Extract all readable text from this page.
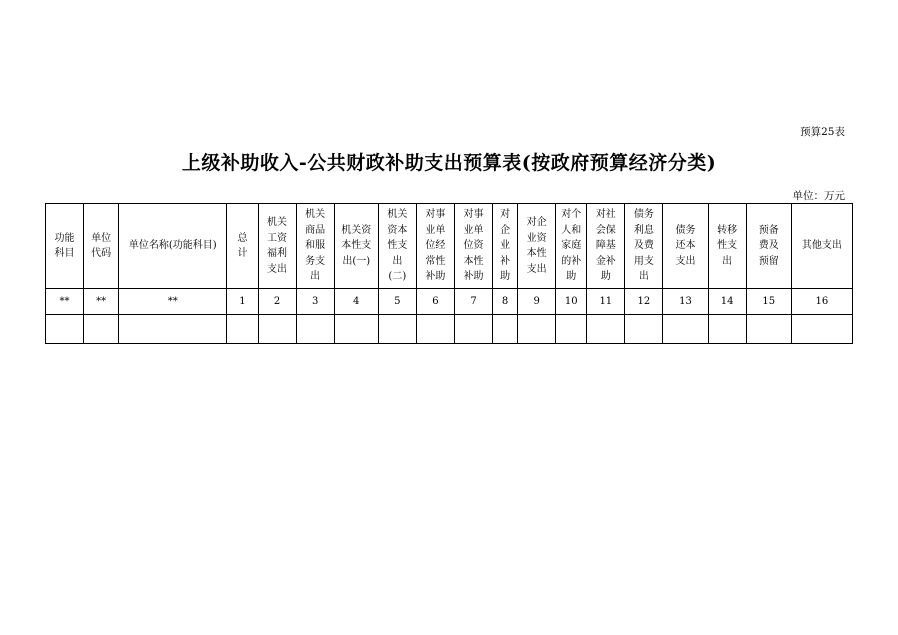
预算25表
上级补助收入-公共财政补助支出预算表(按政府预算经济分类)
单位：万元
功能科目	单位代码	单位名称(功能科目)	总计	机关工资福利支出	机关商品和服务支出	机关资本性支出(一)	机关资本性支出(二)	对事业单位经常性补助	对事业单位资本性补助	对企业补助	对企业资本性支出	对个人和家庭的补助	对社会保障基金补助	债务利息及费用支出	债务还本支出	转移性支出	预备费及预留	其他支出
**	**	**	1	2	3	4	5	6	7	8	9	10	11	12	13	14	15	16
